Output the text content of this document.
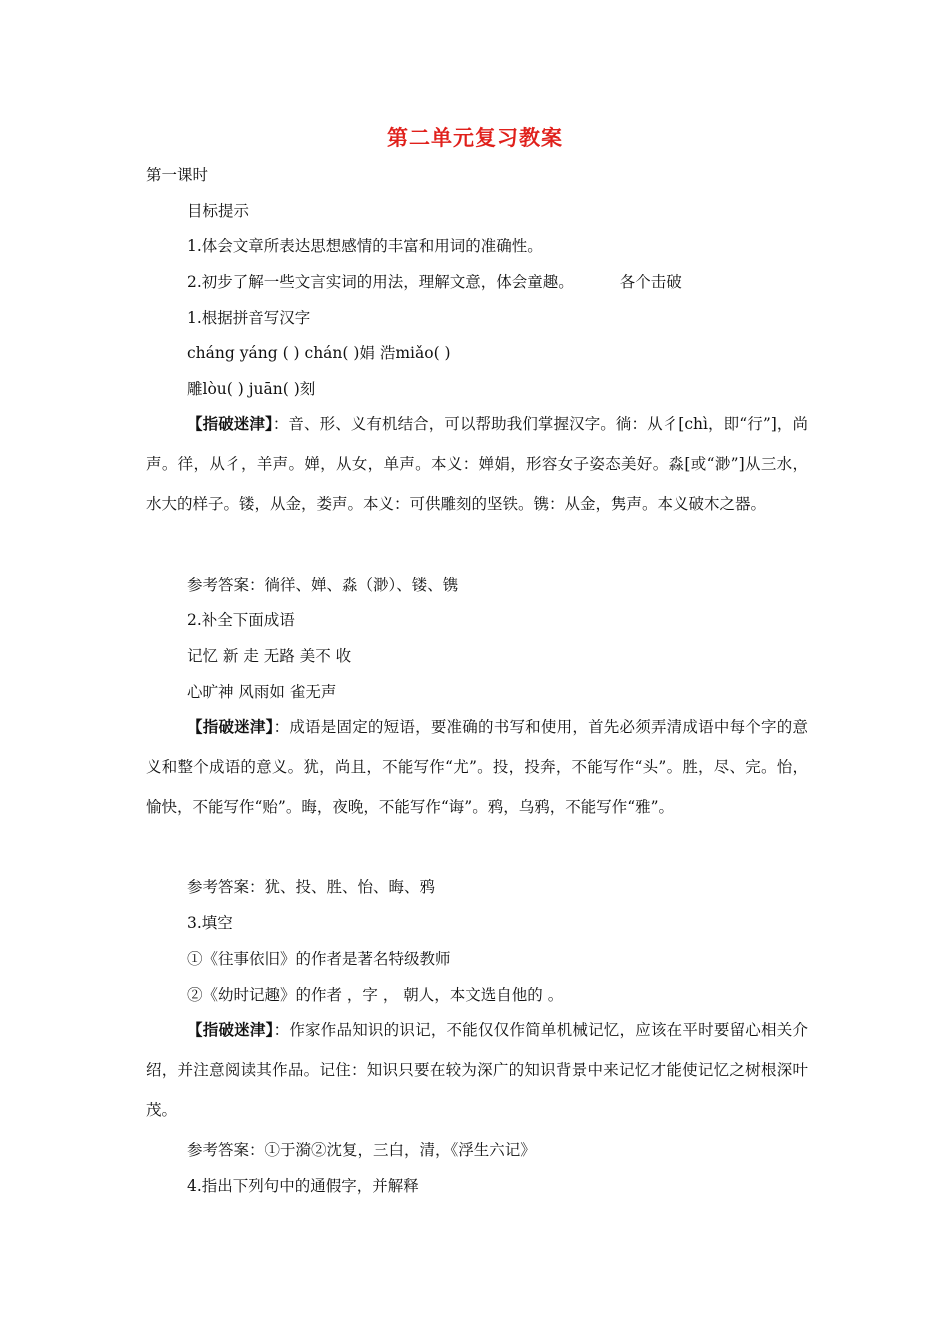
第二单元复习教案
第一课时
目标提示
1.体会文章所表达思想感情的丰富和用词的准确性。
2.初步了解一些文言实词的用法，理解文意，体会童趣。	各个击破
1.根据拼音写汉字
cháng yáng ( ) chán( )娟 浩miǎo( )
雕lòu( ) juān( )刻
【指破迷津】：音、形、义有机结合，可以帮助我们掌握汉字。徜：从彳[chì，即“行”]，尚声。徉，从彳，羊声。婵，从女，单声。本义：婵娟，形容女子姿态美好。淼[或“渺”]从三水，水大的样子。镂，从金，娄声。本义：可供雕刻的坚铁。镌：从金，隽声。本义破木之器。
参考答案：徜徉、婵、淼（渺）、镂、镌
2.补全下面成语
记忆 新 走 无路 美不 收
心旷神 风雨如 雀无声
【指破迷津】：成语是固定的短语，要准确的书写和使用，首先必须弄清成语中每个字的意义和整个成语的意义。犹，尚且，不能写作“尤”。投，投奔，不能写作“头”。胜，尽、完。怡，愉快，不能写作“贻”。晦，夜晚，不能写作“诲”。鸦，乌鸦，不能写作“雅”。
参考答案：犹、投、胜、怡、晦、鸦
3.填空
①《往事依旧》的作者是著名特级教师
②《幼时记趣》的作者 ，字 ， 朝人，本文选自他的 。
【指破迷津】：作家作品知识的识记，不能仅仅作简单机械记忆，应该在平时要留心相关介绍，并注意阅读其作品。记住：知识只要在较为深广的知识背景中来记忆才能使记忆之树根深叶茂。
参考答案：①于漪②沈复，三白，清，《浮生六记》
4.指出下列句中的通假字，并解释
